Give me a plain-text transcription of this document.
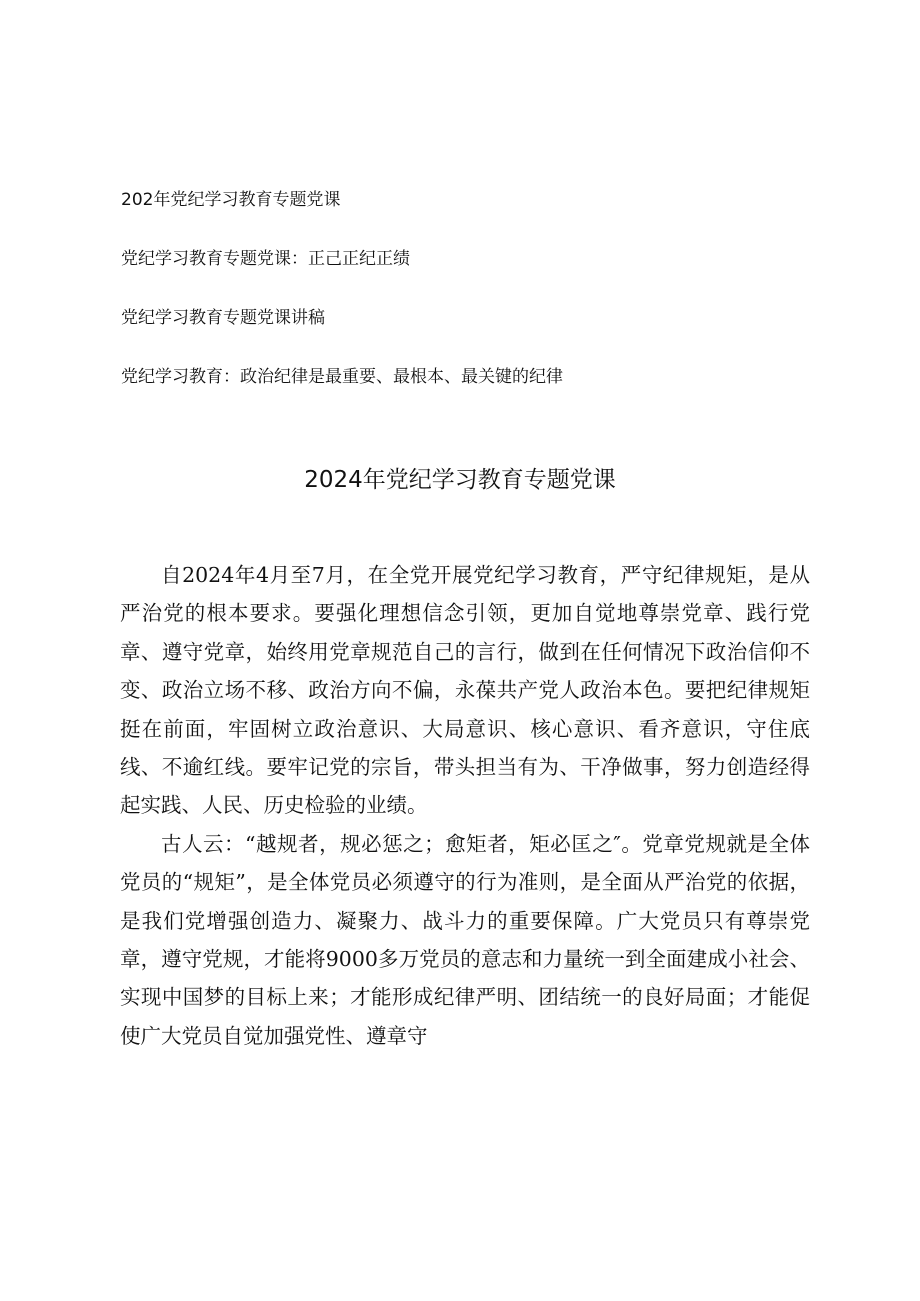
202年党纪学习教育专题党课
党纪学习教育专题党课：正己正纪正绩
党纪学习教育专题党课讲稿
党纪学习教育：政治纪律是最重要、最根本、最关键的纪律
2024年党纪学习教育专题党课

自2024年4月至7月，在全党开展党纪学习教育，严守纪律规矩，是从严治党的根本要求。要强化理想信念引领，更加自觉地尊崇党章、践行党章、遵守党章，始终用党章规范自己的言行，做到在任何情况下政治信仰不变、政治立场不移、政治方向不偏，永葆共产党人政治本色。要把纪律规矩挺在前面，牢固树立政治意识、大局意识、核心意识、看齐意识，守住底线、不逾红线。要牢记党的宗旨，带头担当有为、干净做事，努力创造经得起实践、人民、历史检验的业绩。

古人云：“越规者，规必惩之；愈矩者，矩必匡之″。党章党规就是全体党员的“规矩”，是全体党员必须遵守的行为准则，是全面从严治党的依据，是我们党增强创造力、凝聚力、战斗力的重要保障。广大党员只有尊崇党章，遵守党规，才能将9000多万党员的意志和力量统一到全面建成小社会、实现中国梦的目标上来；才能形成纪律严明、团结统一的良好局面；才能促使广大党员自觉加强党性、遵章守
